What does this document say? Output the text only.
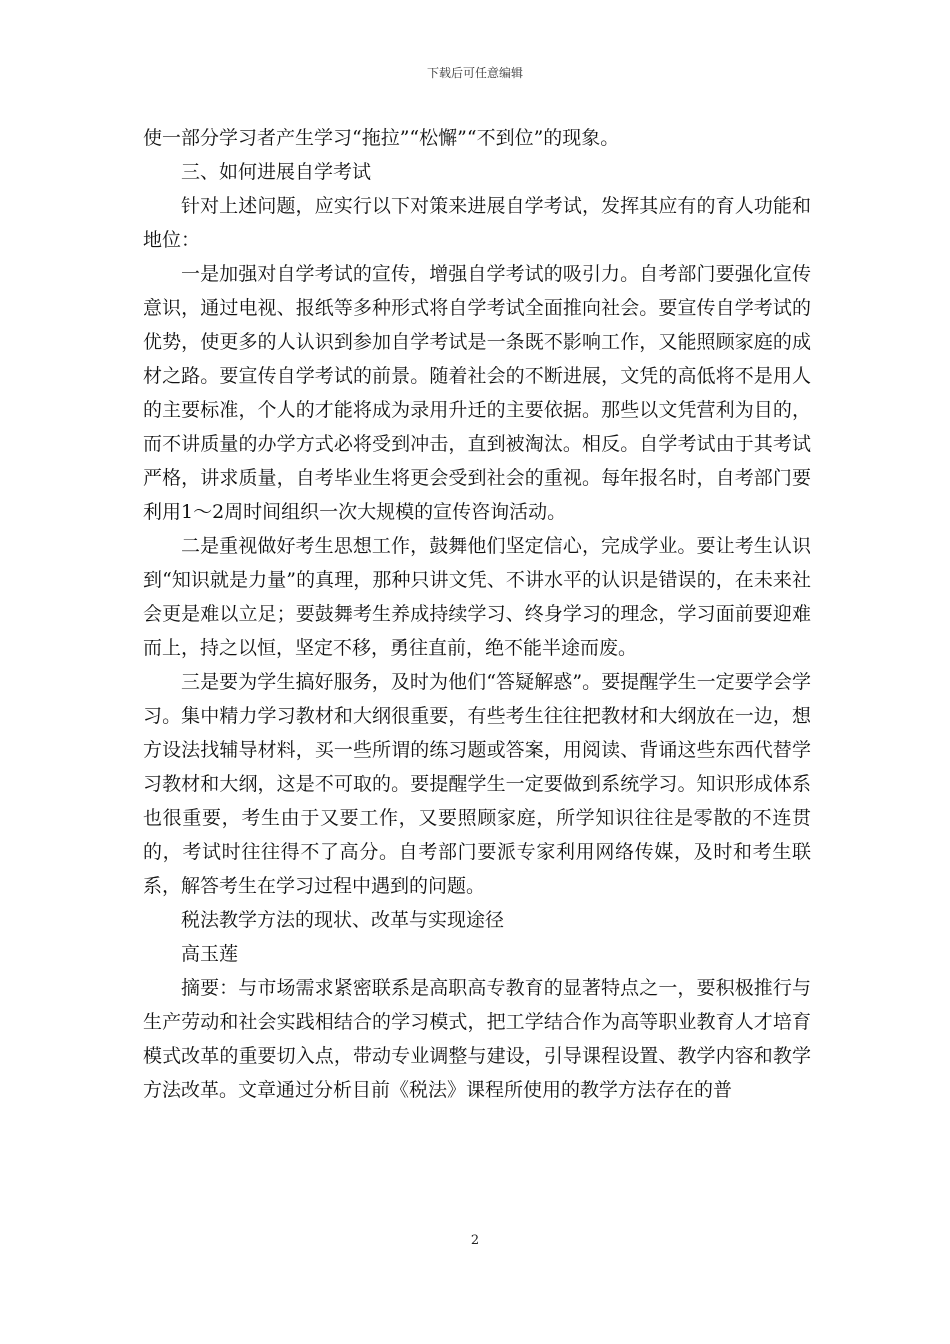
下载后可任意编辑

使一部分学习者产生学习“拖拉”“松懈”“不到位”的现象。

三、如何进展自学考试

针对上述问题，应实行以下对策来进展自学考试，发挥其应有的育人功能和地位：

一是加强对自学考试的宣传，增强自学考试的吸引力。自考部门要强化宣传意识，通过电视、报纸等多种形式将自学考试全面推向社会。要宣传自学考试的优势，使更多的人认识到参加自学考试是一条既不影响工作，又能照顾家庭的成材之路。要宣传自学考试的前景。随着社会的不断进展，文凭的高低将不是用人的主要标准，个人的才能将成为录用升迁的主要依据。那些以文凭营利为目的，而不讲质量的办学方式必将受到冲击，直到被淘汰。相反。自学考试由于其考试严格，讲求质量，自考毕业生将更会受到社会的重视。每年报名时，自考部门要利用1～2周时间组织一次大规模的宣传咨询活动。

二是重视做好考生思想工作，鼓舞他们坚定信心，完成学业。要让考生认识到“知识就是力量”的真理，那种只讲文凭、不讲水平的认识是错误的，在未来社会更是难以立足；要鼓舞考生养成持续学习、终身学习的理念，学习面前要迎难而上，持之以恒，坚定不移，勇往直前，绝不能半途而废。

三是要为学生搞好服务，及时为他们“答疑解惑”。要提醒学生一定要学会学习。集中精力学习教材和大纲很重要，有些考生往往把教材和大纲放在一边，想方设法找辅导材料，买一些所谓的练习题或答案，用阅读、背诵这些东西代替学习教材和大纲，这是不可取的。要提醒学生一定要做到系统学习。知识形成体系也很重要，考生由于又要工作，又要照顾家庭，所学知识往往是零散的不连贯的，考试时往往得不了高分。自考部门要派专家利用网络传媒，及时和考生联系，解答考生在学习过程中遇到的问题。

税法教学方法的现状、改革与实现途径

高玉莲

摘要：与市场需求紧密联系是高职高专教育的显著特点之一，要积极推行与生产劳动和社会实践相结合的学习模式，把工学结合作为高等职业教育人才培育模式改革的重要切入点，带动专业调整与建设，引导课程设置、教学内容和教学方法改革。文章通过分析目前《税法》课程所使用的教学方法存在的普

2
